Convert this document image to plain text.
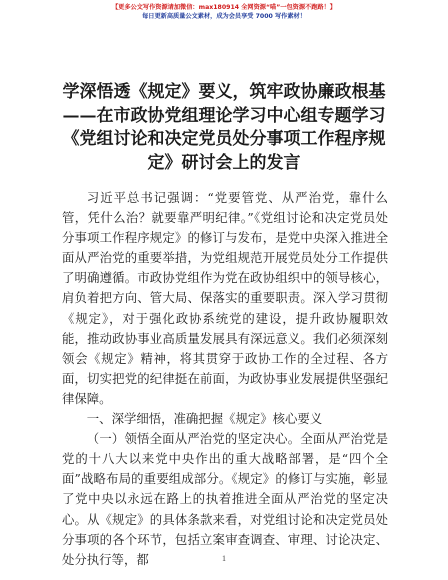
【更多公文写作资源请加微信：max180914 全网资源“喵”一包资源不跑路！】
每日更新高质量公文素材，成为会员享受 7000 写作素材！
学深悟透《规定》要义，筑牢政协廉政根基
——在市政协党组理论学习中心组专题学习
《党组讨论和决定党员处分事项工作程序规
定》研讨会上的发言

习近平总书记强调：“党要管党、从严治党，靠什么管，凭什么治？就要靠严明纪律。”《党组讨论和决定党员处分事项工作程序规定》的修订与发布，是党中央深入推进全面从严治党的重要举措，为党组规范开展党员处分工作提供了明确遵循。市政协党组作为党在政协组织中的领导核心，肩负着把方向、管大局、保落实的重要职责。深入学习贯彻《规定》，对于强化政协系统党的建设，提升政协履职效能，推动政协事业高质量发展具有深远意义。我们必须深刻领会《规定》精神，将其贯穿于政协工作的全过程、各方面，切实把党的纪律挺在前面，为政协事业发展提供坚强纪律保障。

一、深学细悟，准确把握《规定》核心要义

（一）领悟全面从严治党的坚定决心。全面从严治党是党的十八大以来党中央作出的重大战略部署，是“四个全面”战略布局的重要组成部分。《规定》的修订与实施，彰显了党中央以永远在路上的执着推进全面从严治党的坚定决心。从《规定》的具体条款来看，对党组讨论和决定党员处分事项的各个环节，包括立案审查调查、审理、讨论决定、处分执行等，都	1
